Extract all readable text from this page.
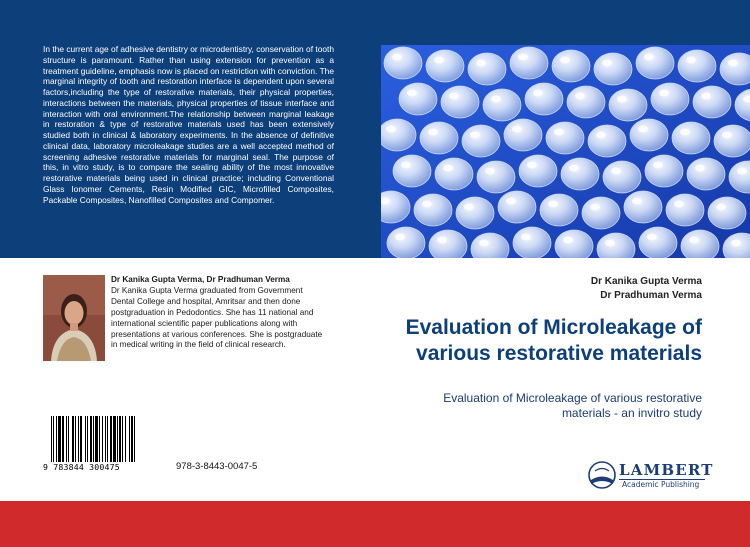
In the current age of adhesive dentistry or microdentistry, conservation of tooth structure is paramount. Rather than using extension for prevention as a treatment guideline, emphasis now is placed on restriction with conviction. The marginal integrity of tooth and restoration interface is dependent upon several factors,including the type of restorative materials, their physical properties, interactions between the materials, physical properties of tissue interface and interaction with oral environment.The relationship between marginal leakage in restoration & type of restorative materials used has been extensively studied both in clinical & laboratory experiments. In the absence of definitive clinical data, laboratory microleakage studies are a well accepted method of screening adhesive restorative materials for marginal seal. The purpose of this, in vitro study, is to compare the sealing ability of the most innovative restorative materials being used in clinical practice; including Conventional Glass Ionomer Cements, Resin Modified GIC, Microfilled Composites, Packable Composites, Nanofilled Composites and Compomer.

Dr Kanika Gupta Verma, Dr Pradhuman Verma
Dr Kanika Gupta Verma graduated from Government Dental College and hospital, Amritsar and then done postgraduation in Pedodontics. She has 11 national and international scientific paper publications along with presentations at various conferences. She is postgraduate in medical writing in the field of clinical research.
Dr Kanika Gupta Verma
Dr Pradhuman Verma
Evaluation of Microleakage of various restorative materials

Evaluation of Microleakage of various restorative materials - an invitro study

9 783844 300475	978-3-8443-0047-5	LAMBERT
Academic Publishing
